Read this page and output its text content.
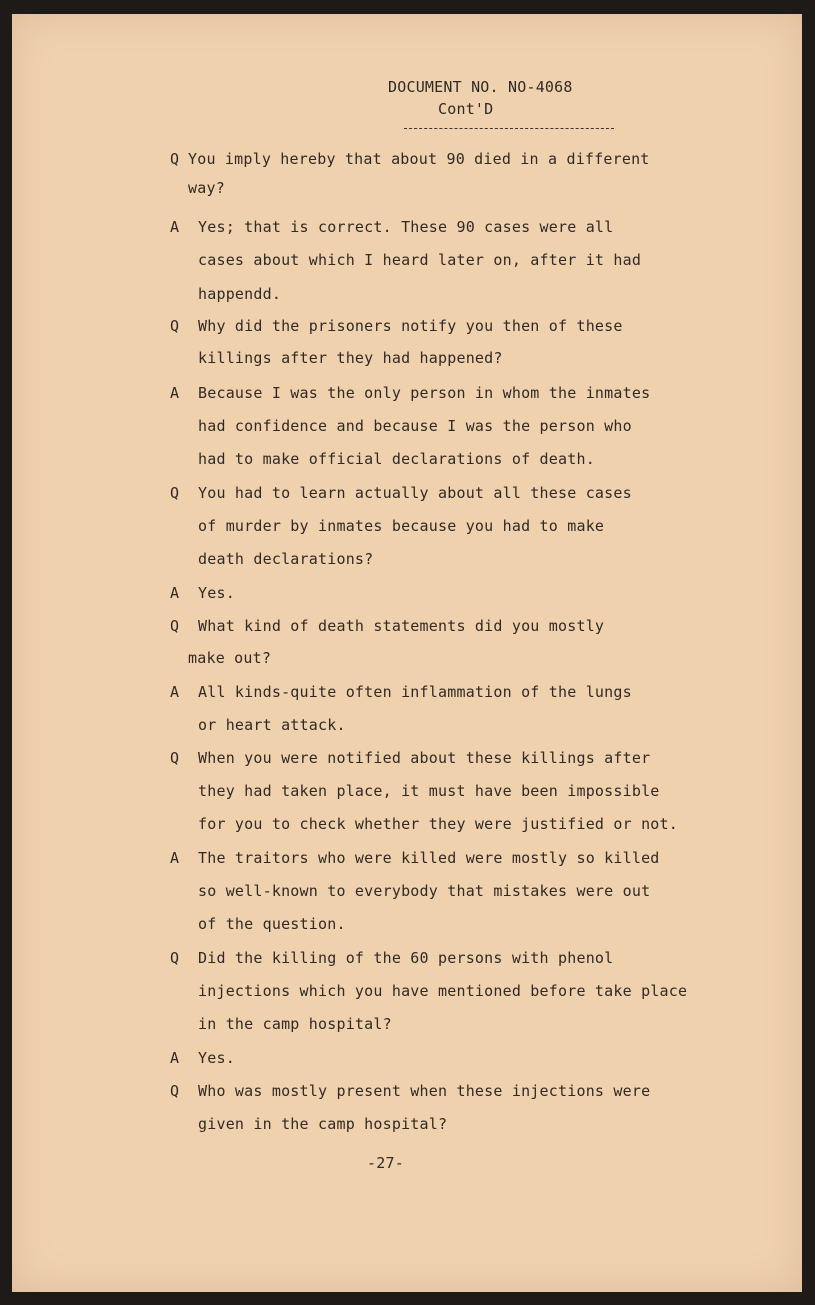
DOCUMENT NO. NO-4068
Cont'D
Q You imply hereby that about 90 died in a different
way?
A Yes; that is correct. These 90 cases were all
cases about which I heard later on, after it had
happendd.
Q Why did the prisoners notify you then of these
killings after they had happened?
A Because I was the only person in whom the inmates
had confidence and because I was the person who
had to make official declarations of death.
Q You had to learn actually about all these cases
of murder by inmates because you had to make
death declarations?
A Yes.
Q What kind of death statements did you mostly
make out?
A All kinds-quite often inflammation of the lungs
or heart attack.
Q When you were notified about these killings after
they had taken place, it must have been impossible
for you to check whether they were justified or not.
A The traitors who were killed were mostly so killed
so well-known to everybody that mistakes were out
of the question.
Q Did the killing of the 60 persons with phenol
injections which you have mentioned before take place
in the camp hospital?
A Yes.
Q Who was mostly present when these injections were
given in the camp hospital?
-27-
